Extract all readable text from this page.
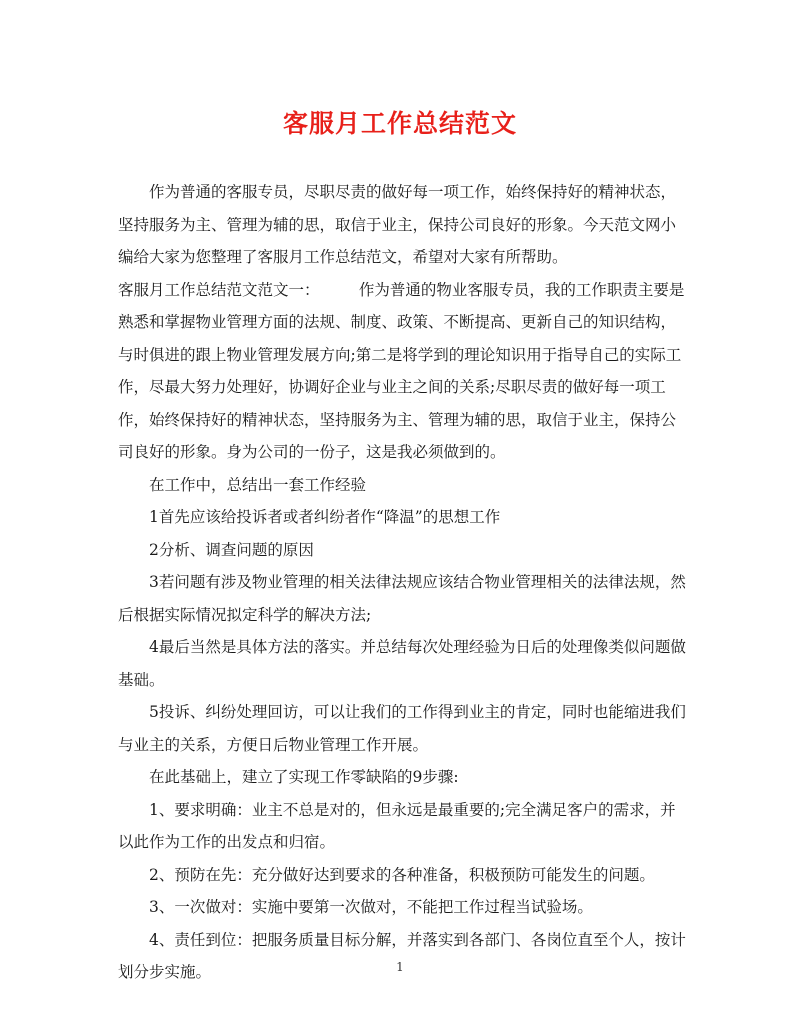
客服月工作总结范文

作为普通的客服专员，尽职尽责的做好每一项工作，始终保持好的精神状态，坚持服务为主、管理为辅的思，取信于业主，保持公司良好的形象。今天范文网小编给大家为您整理了客服月工作总结范文，希望对大家有所帮助。

客服月工作总结范文范文一：        作为普通的物业客服专员，我的工作职责主要是熟悉和掌握物业管理方面的法规、制度、政策、不断提高、更新自己的知识结构，与时俱进的跟上物业管理发展方向;第二是将学到的理论知识用于指导自己的实际工作，尽最大努力处理好，协调好企业与业主之间的关系;尽职尽责的做好每一项工作，始终保持好的精神状态，坚持服务为主、管理为辅的思，取信于业主，保持公司良好的形象。身为公司的一份子，这是我必须做到的。

在工作中，总结出一套工作经验

1首先应该给投诉者或者纠纷者作“降温”的思想工作

2分析、调查问题的原因

3若问题有涉及物业管理的相关法律法规应该结合物业管理相关的法律法规，然后根据实际情况拟定科学的解决方法;

4最后当然是具体方法的落实。并总结每次处理经验为日后的处理像类似问题做基础。

5投诉、纠纷处理回访，可以让我们的工作得到业主的肯定，同时也能缩进我们与业主的关系，方便日后物业管理工作开展。

在此基础上，建立了实现工作零缺陷的9步骤:

1、要求明确：业主不总是对的，但永远是最重要的;完全满足客户的需求，并以此作为工作的出发点和归宿。

2、预防在先：充分做好达到要求的各种准备，积极预防可能发生的问题。

3、一次做对：实施中要第一次做对，不能把工作过程当试验场。

4、责任到位：把服务质量目标分解，并落实到各部门、各岗位直至个人，按计划分步实施。	1
